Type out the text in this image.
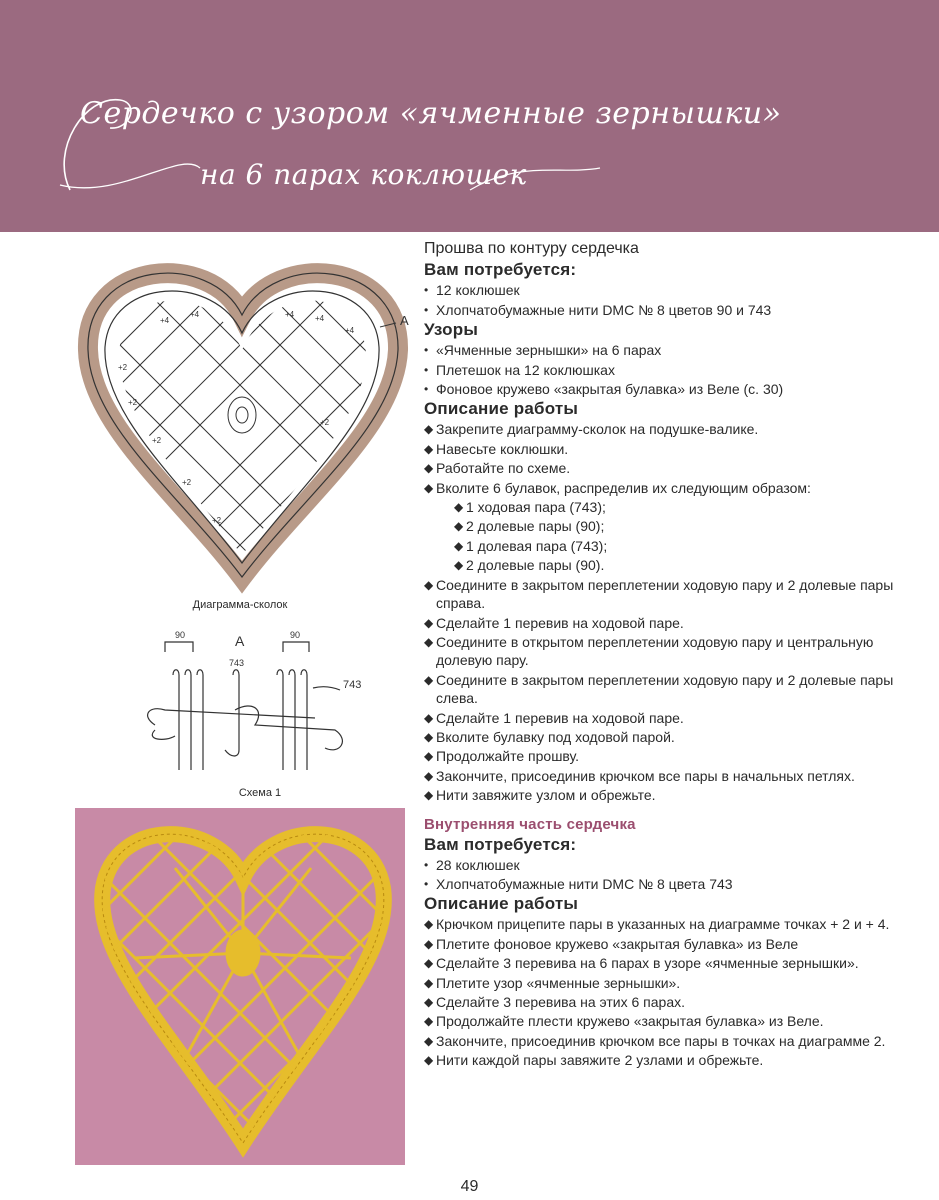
Сердечко с узором «ячменные зернышки»
на 6 парах коклюшек
A
+4
+4	+4	+4
+4
+2
+2
+2
+2
+2
+2
Диаграмма-сколок
A
743
90	90
743
Схема 1
Прошва по контуру сердечка
Вам потребуется:
• 12 коклюшек
• Хлопчатобумажные нити DMC № 8 цветов 90 и 743
Узоры
• «Ячменные зернышки» на 6 парах
• Плетешок на 12 коклюшках
• Фоновое кружево «закрытая булавка» из Веле (с. 30)
Описание работы
◆ Закрепите диаграмму-сколок на подушке-валике.
◆ Навесьте коклюшки.
◆ Работайте по схеме.
◆ Вколите 6 булавок, распределив их следующим образом:
◆ 1 ходовая пара (743);
◆ 2 долевые пары (90);
◆ 1 долевая пара (743);
◆ 2 долевые пары (90).
◆ Соедините в закрытом переплетении ходовую пару и 2 долевые пары справа.
◆ Сделайте 1 перевив на ходовой паре.
◆ Соедините в открытом переплетении ходовую пару и центральную долевую пару.
◆ Соедините в закрытом переплетении ходовую пару и 2 долевые пары слева.
◆ Сделайте 1 перевив на ходовой паре.
◆ Вколите булавку под ходовой парой.
◆ Продолжайте прошву.
◆ Закончите, присоединив крючком все пары в начальных петлях.
◆ Нити завяжите узлом и обрежьте.
Внутренняя часть сердечка
Вам потребуется:
• 28 коклюшек
• Хлопчатобумажные нити DMC № 8 цвета 743
Описание работы
◆ Крючком прицепите пары в указанных на диаграмме точках + 2 и + 4.
◆ Плетите фоновое кружево «закрытая булавка» из Веле
◆ Сделайте 3 перевива на 6 парах в узоре «ячменные зернышки».
◆ Плетите узор «ячменные зернышки».
◆ Сделайте 3 перевива на этих 6 парах.
◆ Продолжайте плести кружево «закрытая булавка» из Веле.
◆ Закончите, присоединив крючком все пары в точках на диаграмме 2.
◆ Нити каждой пары завяжите 2 узлами и обрежьте.
49
